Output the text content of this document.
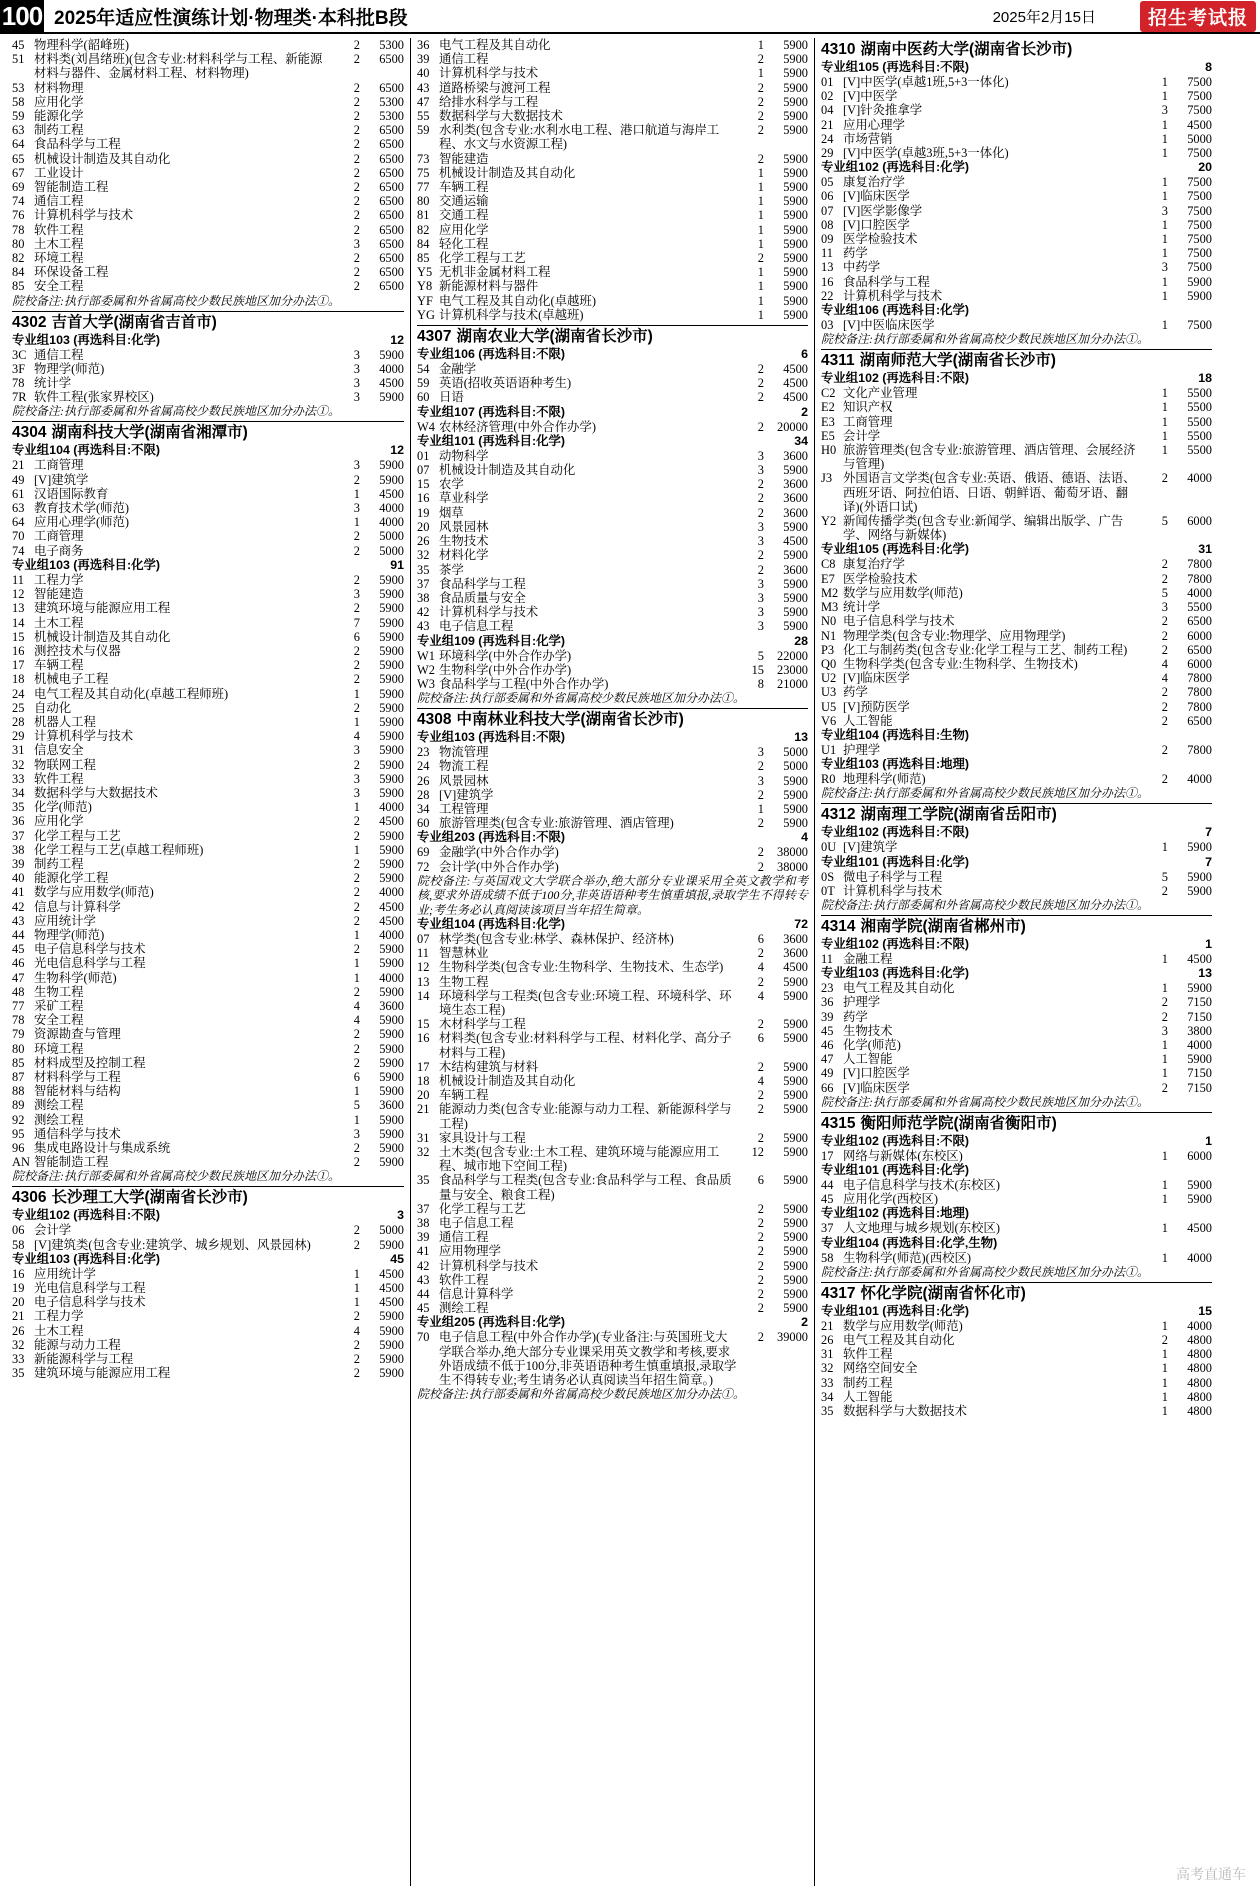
100 2025年适应性演练计划·物理类·本科批B段	2025年2月15日	招生考试报
45 物理科学(韶峰班)	2	5300
51 材料类(刘昌绪班)(包含专业:材料科学与工程、新能源材料与器件、金属材料工程、材料物理)
2	6500
53 材料物理	2	6500
58 应用化学	2	5300
59 能源化学	2	5300
63 制药工程	2	6500
64 食品科学与工程	2	6500
65 机械设计制造及其自动化	2	6500
67 工业设计	2	6500
69 智能制造工程	2	6500
74 通信工程	2	6500
76 计算机科学与技术	2	6500
78 软件工程	2	6500
80 土木工程	3	6500
82 环境工程	2	6500
84 环保设备工程	2	6500
85 安全工程	2	6500
院校备注:执行部委属和外省属高校少数民族地区加分办法①。
4302 吉首大学(湖南省吉首市)
专业组103 (再选科目:化学)	12
3C 通信工程	3	5900
3F 物理学(师范)	3	4000
78 统计学	3	4500
7R 软件工程(张家界校区)	3	5900
院校备注:执行部委属和外省属高校少数民族地区加分办法①。
4304 湖南科技大学(湖南省湘潭市)
专业组104 (再选科目:不限)	12
21 工商管理	3	5900
49 [V]建筑学	2	5900
61 汉语国际教育	1	4500
63 教育技术学(师范)	3	4000
64 应用心理学(师范)	1	4000
70 工商管理	2	5000
74 电子商务	2	5000
专业组103 (再选科目:化学)	91
11 工程力学	2	5900
12 智能建造	3	5900
13 建筑环境与能源应用工程	2	5900
14 土木工程	7	5900
15 机械设计制造及其自动化	6	5900
16 测控技术与仪器	2	5900
17 车辆工程	2	5900
18 机械电子工程	2	5900
24 电气工程及其自动化(卓越工程师班)	1	5900
25 自动化	2	5900
28 机器人工程	1	5900
29 计算机科学与技术	4	5900
31 信息安全	3	5900
32 物联网工程	2	5900
33 软件工程	3	5900
34 数据科学与大数据技术	3	5900
35 化学(师范)	1	4000
36 应用化学	2	4500
37 化学工程与工艺	2	5900
38 化学工程与工艺(卓越工程师班)	1	5900
39 制药工程	2	5900
40 能源化学工程	2	5900
41 数学与应用数学(师范)	2	4000
42 信息与计算科学	2	4500
43 应用统计学	2	4500
44 物理学(师范)	1	4000
45 电子信息科学与技术	2	5900
46 光电信息科学与工程	1	5900
47 生物科学(师范)	1	4000
48 生物工程	2	5900
77 采矿工程	4	3600
78 安全工程	4	5900
79 资源勘查与管理	2	5900
80 环境工程	2	5900
85 材料成型及控制工程	2	5900
87 材料科学与工程	6	5900
88 智能材料与结构	1	5900
89 测绘工程	5	3600
92 测绘工程	1	5900
95 通信科学与技术	3	5900
96 集成电路设计与集成系统	2	5900
AN 智能制造工程	2	5900
院校备注:执行部委属和外省属高校少数民族地区加分办法①。
4306 长沙理工大学(湖南省长沙市)
专业组102 (再选科目:不限)	3
06 会计学	2	5000
58 [V]建筑类(包含专业:建筑学、城乡规划、风景园林)	2	5900
专业组103 (再选科目:化学)	45
16 应用统计学	1	4500
19 光电信息科学与工程	1	4500
20 电子信息科学与技术	1	4500
21 工程力学	2	5900
26 土木工程	4	5900
32 能源与动力工程	2	5900
33 新能源科学与工程	2	5900
35 建筑环境与能源应用工程	2	5900
36 电气工程及其自动化	1	5900
39 通信工程	2	5900
40 计算机科学与技术	1	5900
43 道路桥梁与渡河工程	2	5900
47 给排水科学与工程	2	5900
55 数据科学与大数据技术	2	5900
59 水利类(包含专业:水利水电工程、港口航道与海岸工程、水文与水资源工程)
2	5900
73 智能建造	2	5900
75 机械设计制造及其自动化	1	5900
77 车辆工程	1	5900
80 交通运输	1	5900
81 交通工程	1	5900
82 应用化学	1	5900
84 轻化工程	1	5900
85 化学工程与工艺	2	5900
Y5 无机非金属材料工程	1	5900
Y8 新能源材料与器件	1	5900
YF 电气工程及其自动化(卓越班)	1	5900
YG 计算机科学与技术(卓越班)	1	5900
4307 湖南农业大学(湖南省长沙市)
专业组106 (再选科目:不限)	6
54 金融学	2	4500
59 英语(招收英语语种考生)	2	4500
60 日语	2	4500
专业组107 (再选科目:不限)	2
W4 农林经济管理(中外合作办学)	2	20000
专业组101 (再选科目:化学)	34
01 动物科学	3	3600
07 机械设计制造及其自动化	3	5900
15 农学	2	3600
16 草业科学	2	3600
19 烟草	2	3600
20 风景园林	3	5900
26 生物技术	3	4500
32 材料化学	2	5900
35 茶学	2	3600
37 食品科学与工程	3	5900
38 食品质量与安全	3	5900
42 计算机科学与技术	3	5900
43 电子信息工程	3	5900
专业组109 (再选科目:化学)	28
W1 环境科学(中外合作办学)	5	22000
W2 生物科学(中外合作办学)	15	23000
W3 食品科学与工程(中外合作办学)	8	21000
院校备注:执行部委属和外省属高校少数民族地区加分办法①。
4308 中南林业科技大学(湖南省长沙市)
专业组103 (再选科目:不限)	13
23 物流管理	3	5000
24 物流工程	2	5000
26 风景园林	3	5900
28 [V]建筑学	2	5900
34 工程管理	1	5900
60 旅游管理类(包含专业:旅游管理、酒店管理)	2	5900
专业组203 (再选科目:不限)	4
69 金融学(中外合作办学)	2	38000
72 会计学(中外合作办学)	2	38000
院校备注:与英国戏文大学联合举办,绝大部分专业课采用全英文教学和考核,要求外语成绩不低于100分,非英语语种考生慎重填报,录取学生不得转专业;考生务必认真阅读该项目当年招生简章。
专业组104 (再选科目:化学)	72
07 林学类(包含专业:林学、森林保护、经济林)	6	3600
11 智慧林业	2	3600
12 生物科学类(包含专业:生物科学、生物技术、生态学)	4	4500
13 生物工程	2	5900
14 环境科学与工程类(包含专业:环境工程、环境科学、环境生态工程)
4	5900
15 木材科学与工程	2	5900
16 材料类(包含专业:材料科学与工程、材料化学、高分子材料与工程)
6	5900
17 木结构建筑与材料	2	5900
18 机械设计制造及其自动化	4	5900
20 车辆工程	2	5900
21 能源动力类(包含专业:能源与动力工程、新能源科学与工程)
2	5900
31 家具设计与工程	2	5900
32 土木类(包含专业:土木工程、建筑环境与能源应用工程、城市地下空间工程)
12	5900
35 食品科学与工程类(包含专业:食品科学与工程、食品质量与安全、粮食工程)
6	5900
37 化学工程与工艺	2	5900
38 电子信息工程	2	5900
39 通信工程	2	5900
41 应用物理学	2	5900
42 计算机科学与技术	2	5900
43 软件工程	2	5900
44 信息计算科学	2	5900
45 测绘工程	2	5900
专业组205 (再选科目:化学)	2
70 电子信息工程(中外合作办学)(专业备注:与英国班戈大学联合举办,绝大部分专业课采用英文教学和考核,要求外语成绩不低于100分,非英语语种考生慎重填报,录取学生不得转专业;考生请务必认真阅读当年招生简章。)
2	39000
院校备注:执行部委属和外省属高校少数民族地区加分办法①。
4310 湖南中医药大学(湖南省长沙市)
专业组105 (再选科目:不限)	8
01 [V]中医学(卓越1班,5+3一体化)	1	7500
02 [V]中医学	1	7500
04 [V]针灸推拿学	3	7500
21 应用心理学	1	4500
24 市场营销	1	5000
29 [V]中医学(卓越3班,5+3一体化)	1	7500
专业组102 (再选科目:化学)	20
05 康复治疗学	1	7500
06 [V]临床医学	1	7500
07 [V]医学影像学	3	7500
08 [V]口腔医学	1	7500
09 医学检验技术	1	7500
11 药学	1	7500
13 中药学	3	7500
16 食品科学与工程	1	5900
22 计算机科学与技术	1	5900
专业组106 (再选科目:化学)
03 [V]中医临床医学	1	7500
院校备注:执行部委属和外省属高校少数民族地区加分办法①。
4311 湖南师范大学(湖南省长沙市)
专业组102 (再选科目:不限)	18
C2 文化产业管理	1	5500
E2 知识产权	1	5500
E3 工商管理	1	5500
E5 会计学	1	5500
H0 旅游管理类(包含专业:旅游管理、酒店管理、会展经济与管理)
1	5500
J3 外国语言文学类(包含专业:英语、俄语、德语、法语、西班牙语、阿拉伯语、日语、朝鲜语、葡萄牙语、翻译)(外语口试)
2	4000
Y2 新闻传播学类(包含专业:新闻学、编辑出版学、广告学、网络与新媒体)
5	6000
专业组105 (再选科目:化学)	31
C8 康复治疗学	2	7800
E7 医学检验技术	2	7800
M2 数学与应用数学(师范)	5	4000
M3 统计学	3	5500
N0 电子信息科学与技术	2	6500
N1 物理学类(包含专业:物理学、应用物理学)	2	6000
P3 化工与制药类(包含专业:化学工程与工艺、制药工程)	2	6500
Q0 生物科学类(包含专业:生物科学、生物技术)	4	6000
U2 [V]临床医学	4	7800
U3 药学	2	7800
U5 [V]预防医学	2	7800
V6 人工智能	2	6500
专业组104 (再选科目:生物)
U1 护理学	2	7800
专业组103 (再选科目:地理)
R0 地理科学(师范)	2	4000
院校备注:执行部委属和外省属高校少数民族地区加分办法①。
4312 湖南理工学院(湖南省岳阳市)
专业组102 (再选科目:不限)	7
0U [V]建筑学	1	5900
专业组101 (再选科目:化学)	7
0S 微电子科学与工程	5	5900
0T 计算机科学与技术	2	5900
院校备注:执行部委属和外省属高校少数民族地区加分办法①。
4314 湘南学院(湖南省郴州市)
专业组102 (再选科目:不限)	1
11 金融工程	1	4500
专业组103 (再选科目:化学)	13
23 电气工程及其自动化	1	5900
36 护理学	2	7150
39 药学	2	7150
45 生物技术	3	3800
46 化学(师范)	1	4000
47 人工智能	1	5900
49 [V]口腔医学	1	7150
66 [V]临床医学	2	7150
院校备注:执行部委属和外省属高校少数民族地区加分办法①。
4315 衡阳师范学院(湖南省衡阳市)
专业组102 (再选科目:不限)	1
17 网络与新媒体(东校区)	1	6000
专业组101 (再选科目:化学)
44 电子信息科学与技术(东校区)	1	5900
45 应用化学(西校区)	1	5900
专业组102 (再选科目:地理)
37 人文地理与城乡规划(东校区)	1	4500
专业组104 (再选科目:化学,生物)
58 生物科学(师范)(西校区)	1	4000
院校备注:执行部委属和外省属高校少数民族地区加分办法①。
4317 怀化学院(湖南省怀化市)
专业组101 (再选科目:化学)	15
21 数学与应用数学(师范)	1	4000
26 电气工程及其自动化	2	4800
31 软件工程	1	4800
32 网络空间安全	1	4800
33 制药工程	1	4800
34 人工智能	1	4800
35 数据科学与大数据技术	1	4800
高考直通车
